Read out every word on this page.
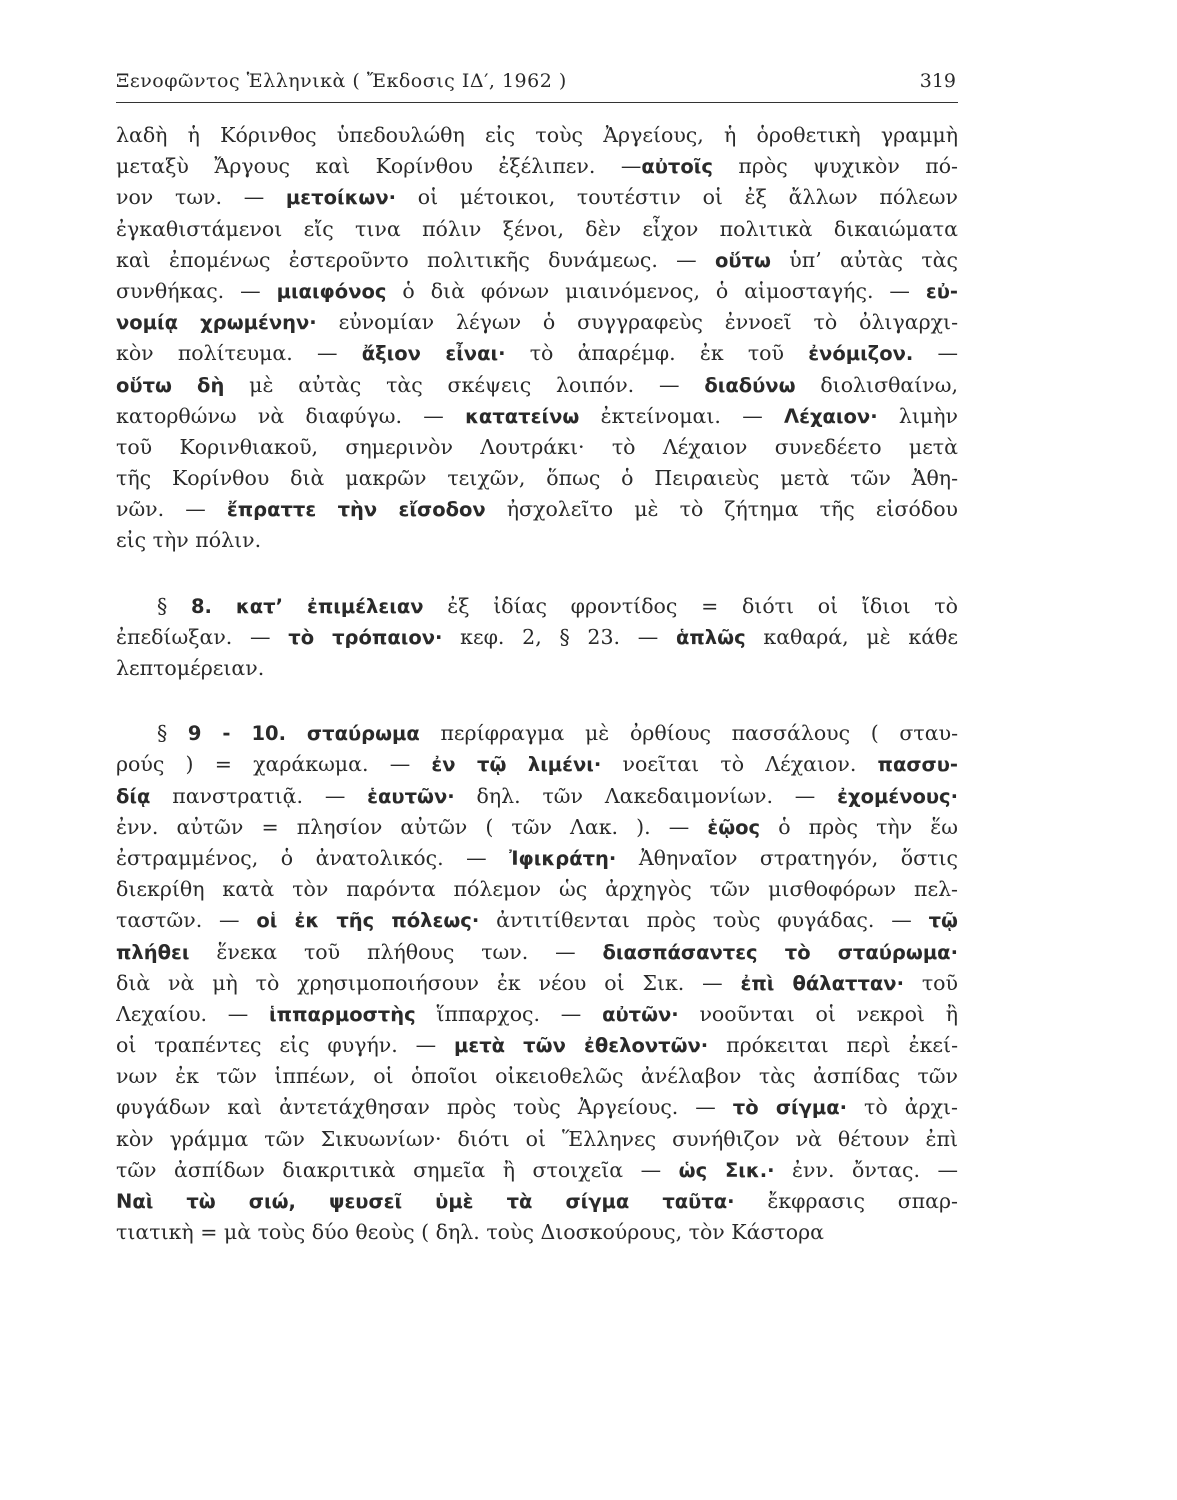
Ξενοφῶντος Ἑλληνικὰ ( Ἔκδοσις ΙΔ′, 1962 )	319
λαδὴ ἡ Κόρινθος ὑπεδουλώθη εἰς τοὺς Ἀργείους, ἡ ὁροθετικὴ γραμμὴ
μεταξὺ Ἄργους καὶ Κορίνθου ἐξέλιπεν. —αὐτοῖς πρὸς ψυχικὸν πό-
νον των. — μετοίκων· οἱ μέτοικοι, τουτέστιν οἱ ἐξ ἄλλων πόλεων
ἐγκαθιστάμενοι εἴς τινα πόλιν ξένοι, δὲν εἶχον πολιτικὰ δικαιώματα
καὶ ἐπομένως ἐστεροῦντο πολιτικῆς δυνάμεως. — οὕτω ὑπ’ αὐτὰς τὰς
συνθήκας. — μιαιφόνος ὁ διὰ φόνων μιαινόμενος, ὁ αἱμοσταγής. — εὐ-
νομίᾳ χρωμένην· εὐνομίαν λέγων ὁ συγγραφεὺς ἐννοεῖ τὸ ὀλιγαρχι-
κὸν πολίτευμα. — ἄξιον εἶναι· τὸ ἀπαρέμφ. ἐκ τοῦ ἐνόμιζον. —
οὕτω δὴ μὲ αὐτὰς τὰς σκέψεις λοιπόν. — διαδύνω διολισθαίνω,
κατορθώνω νὰ διαφύγω. — κατατείνω ἐκτείνομαι. — Λέχαιον· λιμὴν
τοῦ Κορινθιακοῦ, σημερινὸν Λουτράκι· τὸ Λέχαιον συνεδέετο μετὰ
τῆς Κορίνθου διὰ μακρῶν τειχῶν, ὅπως ὁ Πειραιεὺς μετὰ τῶν Ἀθη-
νῶν. — ἔπραττε τὴν εἴσοδον ἠσχολεῖτο μὲ τὸ ζήτημα τῆς εἰσόδου
εἰς τὴν πόλιν.
  § 8. κατ’ ἐπιμέλειαν ἐξ ἰδίας φροντίδος = διότι οἱ ἴδιοι τὸ
ἐπεδίωξαν. — τὸ τρόπαιον· κεφ. 2, § 23. — ἁπλῶς καθαρά, μὲ κάθε
λεπτομέρειαν.
  § 9 - 10. σταύρωμα περίφραγμα μὲ ὀρθίους πασσάλους ( σταυ-
ρούς ) = χαράκωμα. — ἐν τῷ λιμένι· νοεῖται τὸ Λέχαιον. πασσυ-
δίᾳ πανστρατιᾷ. — ἑαυτῶν· δηλ. τῶν Λακεδαιμονίων. — ἐχομένους·
ἐνν. αὐτῶν = πλησίον αὐτῶν ( τῶν Λακ. ). — ἑῷος ὁ πρὸς τὴν ἕω
ἐστραμμένος, ὁ ἀνατολικός. — Ἰφικράτη· Ἀθηναῖον στρατηγόν, ὅστις
διεκρίθη κατὰ τὸν παρόντα πόλεμον ὡς ἀρχηγὸς τῶν μισθοφόρων πελ-
ταστῶν. — οἱ ἐκ τῆς πόλεως· ἀντιτίθενται πρὸς τοὺς φυγάδας. — τῷ
πλήθει ἕνεκα τοῦ πλήθους των. — διασπάσαντες τὸ σταύρωμα·
διὰ νὰ μὴ τὸ χρησιμοποιήσουν ἐκ νέου οἱ Σικ. — ἐπὶ θάλατταν· τοῦ
Λεχαίου. — ἱππαρμοστὴς ἵππαρχος. — αὐτῶν· νοοῦνται οἱ νεκροὶ ἢ
οἱ τραπέντες εἰς φυγήν. — μετὰ τῶν ἐθελοντῶν· πρόκειται περὶ ἐκεί-
νων ἐκ τῶν ἱππέων, οἱ ὁποῖοι οἰκειοθελῶς ἀνέλαβον τὰς ἀσπίδας τῶν
φυγάδων καὶ ἀντετάχθησαν πρὸς τοὺς Ἀργείους. — τὸ σίγμα· τὸ ἀρχι-
κὸν γράμμα τῶν Σικυωνίων· διότι οἱ Ἕλληνες συνήθιζον νὰ θέτουν ἐπὶ
τῶν ἀσπίδων διακριτικὰ σημεῖα ἢ στοιχεῖα — ὡς Σικ.· ἐνν. ὄντας. —
Ναὶ τὼ σιώ, ψευσεῖ ὑμὲ τὰ σίγμα ταῦτα· ἔκφρασις σπαρ-
τιατικὴ = μὰ τοὺς δύο θεοὺς ( δηλ. τοὺς Διοσκούρους, τὸν Κάστορα
